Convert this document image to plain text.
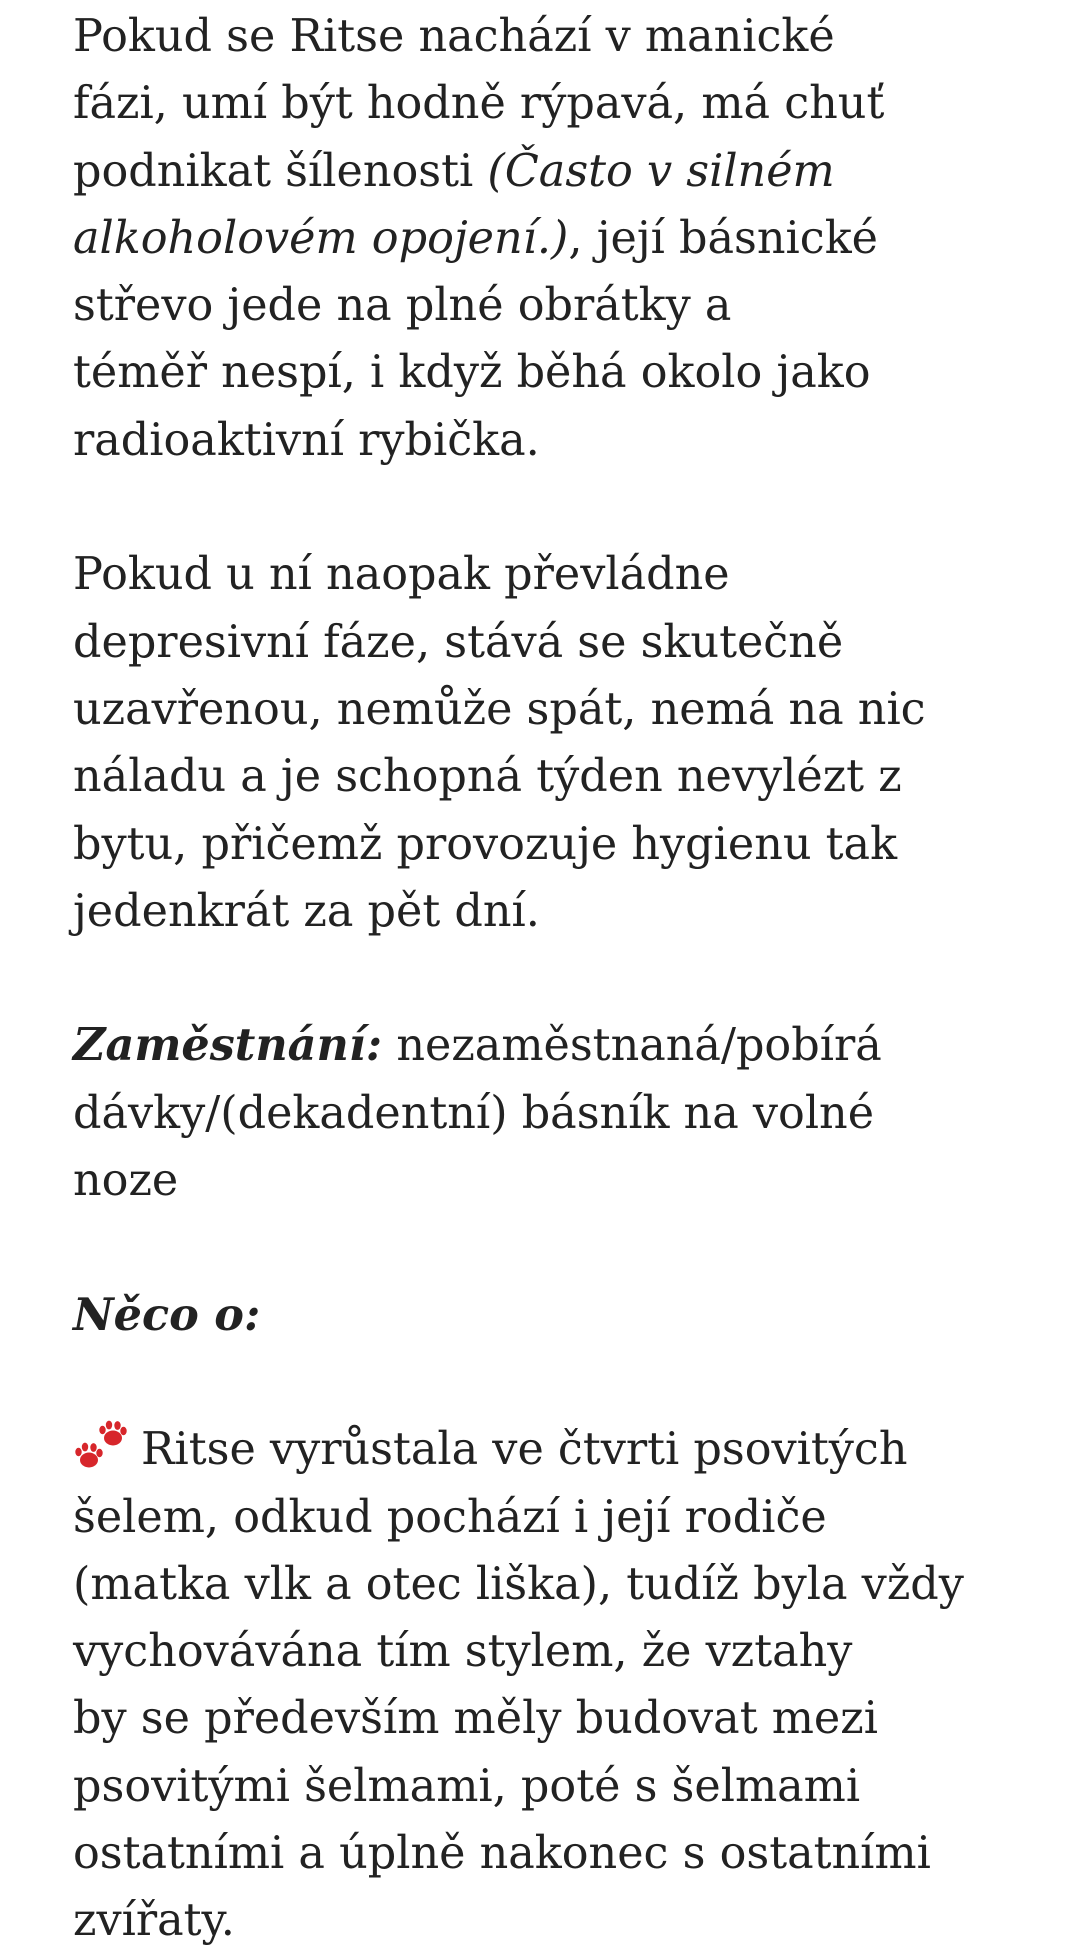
Pokud se Ritse nachází v manické
fázi, umí být hodně rýpavá, má chuť
podnikat šílenosti (Často v silném
alkoholovém opojení.), její básnické
střevo jede na plné obrátky a
téměř nespí, i když běhá okolo jako
radioaktivní rybička.

Pokud u ní naopak převládne
depresivní fáze, stává se skutečně
uzavřenou, nemůže spát, nemá na nic
náladu a je schopná týden nevylézt z
bytu, přičemž provozuje hygienu tak
jedenkrát za pět dní.

Zaměstnání: nezaměstnaná/pobírá
dávky/(dekadentní) básník na volné
noze

Něco o:

Ritse vyrůstala ve čtvrti psovitých
šelem, odkud pochází i její rodiče
(matka vlk a otec liška), tudíž byla vždy
vychovávána tím stylem, že vztahy
by se především měly budovat mezi
psovitými šelmami, poté s šelmami
ostatními a úplně nakonec s ostatními
zvířaty.
